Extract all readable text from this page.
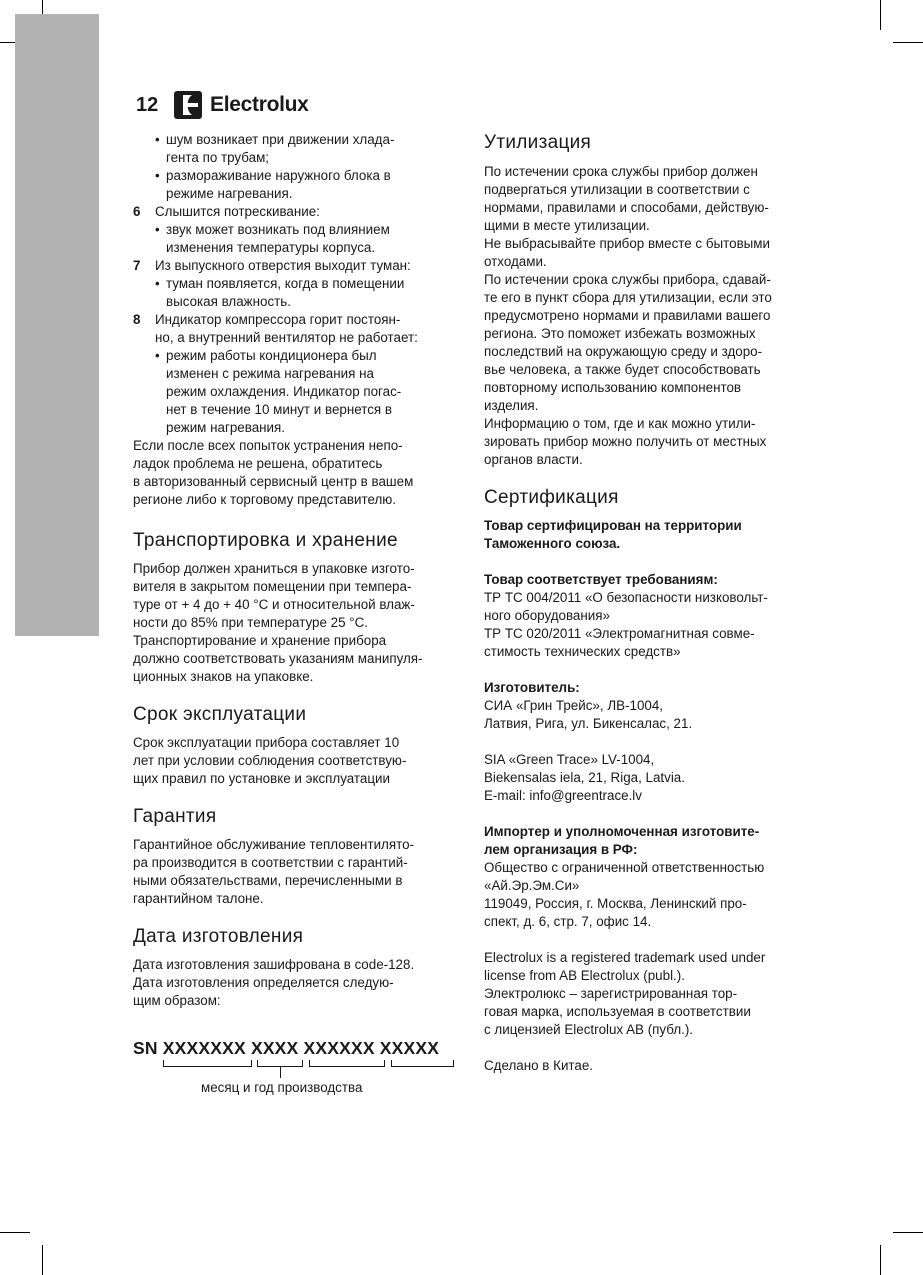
12	Electrolux
• шум возникает при движении хлада-
гента по трубам;
• размораживание наружного блока в
режиме нагревания.
6	Слышится потрескивание:
• звук может возникать под влиянием
изменения температуры корпуса.
7	Из выпускного отверстия выходит туман:
• туман появляется, когда в помещении
высокая влажность.
8	Индикатор компрессора горит постоян-
но, а внутренний вентилятор не работает:
• режим работы кондиционера был
изменен с режима нагревания на
режим охлаждения. Индикатор погас-
нет в течение 10 минут и вернется в
режим нагревания.
Если после всех попыток устранения непо-
ладок проблема не решена, обратитесь
в авторизованный сервисный центр в вашем
регионе либо к торговому представителю.
Транспортировка и хранение
Прибор должен храниться в упаковке изгото-
вителя в закрытом помещении при темпера-
туре от + 4 до + 40 °С и относительной влаж-
ности до 85% при температуре 25 °С.
Транспортирование и хранение прибора
должно соответствовать указаниям манипуля-
ционных знаков на упаковке.
Срок эксплуатации
Срок эксплуатации прибора составляет 10
лет при условии соблюдения соответствую-
щих правил по установке и эксплуатации
Гарантия
Гарантийное обслуживание тепловентилято-
ра производится в соответствии с гарантий-
ными обязательствами, перечисленными в
гарантийном талоне.
Дата изготовления
Дата изготовления зашифрована в code-128.
Дата изготовления определяется следую-
щим образом:
SN XXXXXXX XXXX XXXXXX XXXXX
месяц и год производства
Утилизация
По истечении срока службы прибор должен
подвергаться утилизации в соответствии с
нормами, правилами и способами, действую-
щими в месте утилизации.
Не выбрасывайте прибор вместе с бытовыми
отходами.
По истечении срока службы прибора, сдавай-
те его в пункт сбора для утилизации, если это
предусмотрено нормами и правилами вашего
региона. Это поможет избежать возможных
последствий на окружающую среду и здоро-
вье человека, а также будет способствовать
повторному использованию компонентов
изделия.
Информацию о том, где и как можно утили-
зировать прибор можно получить от местных
органов власти.
Сертификация
Товар сертифицирован на территории
Таможенного союза.
Товар соответствует требованиям:
ТР ТС 004/2011 «О безопасности низковольт-
ного оборудования»
ТР ТС 020/2011 «Электромагнитная совме-
стимость технических средств»
Изготовитель:
СИА «Грин Трейс», ЛВ-1004,
Латвия, Рига, ул. Бикенсалас, 21.
SIA «Green Trace» LV-1004,
Biekensalas iela, 21, Riga, Latvia.
E-mail: info@greentrace.lv
Импортер и уполномоченная изготовите-
лем организация в РФ:
Общество с ограниченной ответственностью
«Ай.Эр.Эм.Си»
119049, Россия, г. Москва, Ленинский про-
спект, д. 6, стр. 7, офис 14.
Electrolux is a registered trademark used under
license from AB Electrolux (publ.).
Электролюкс – зарегистрированная тор-
говая марка, используемая в соответствии
с лицензией Electrolux AB (публ.).
Сделано в Китае.
